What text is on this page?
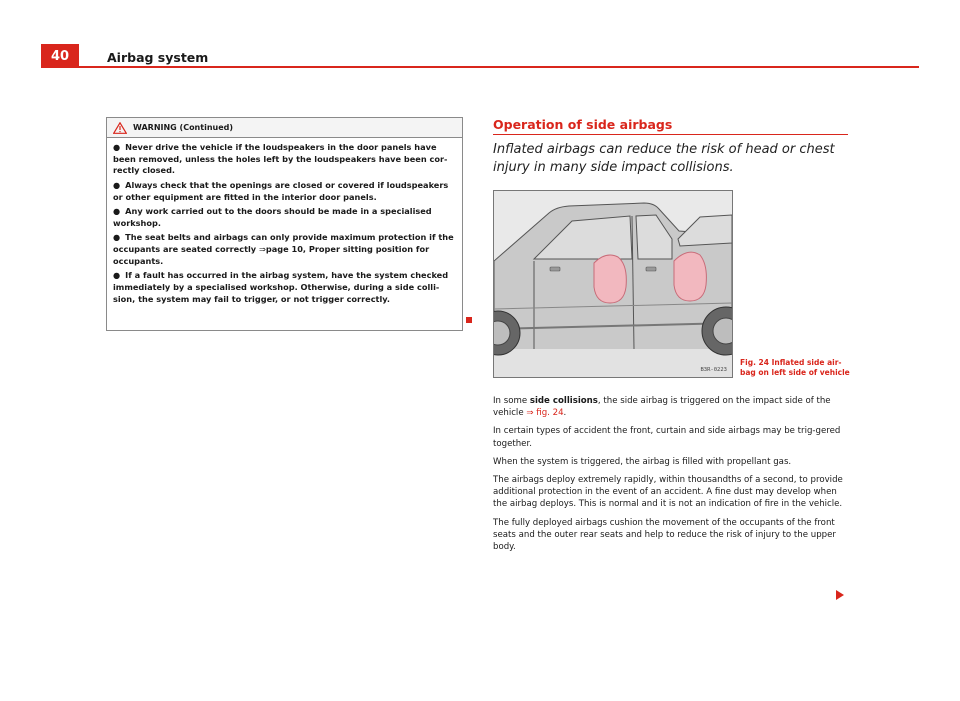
40	Airbag system
WARNING (Continued)

● Never drive the vehicle if the loudspeakers in the door panels have been removed, unless the holes left by the loudspeakers have been cor-rectly closed.

● Always check that the openings are closed or covered if loudspeakers or other equipment are fitted in the interior door panels.

● Any work carried out to the doors should be made in a specialised workshop.

● The seat belts and airbags can only provide maximum protection if the occupants are seated correctly ⇒page 10, Proper sitting position for occupants.

● If a fault has occurred in the airbag system, have the system checked immediately by a specialised workshop. Otherwise, during a side colli-sion, the system may fail to trigger, or not trigger correctly.

Operation of side airbags
Inflated airbags can reduce the risk of head or chest injury in many side impact collisions.
B3R-0223
Fig. 24 Inflated side air-bag on left side of vehicle

In some side collisions, the side airbag is triggered on the impact side of the vehicle ⇒ fig. 24.

In certain types of accident the front, curtain and side airbags may be trig-gered together.

When the system is triggered, the airbag is filled with propellant gas.

The airbags deploy extremely rapidly, within thousandths of a second, to provide additional protection in the event of an accident. A fine dust may develop when the airbag deploys. This is normal and it is not an indication of fire in the vehicle.

The fully deployed airbags cushion the movement of the occupants of the front seats and the outer rear seats and help to reduce the risk of injury to the upper body.
